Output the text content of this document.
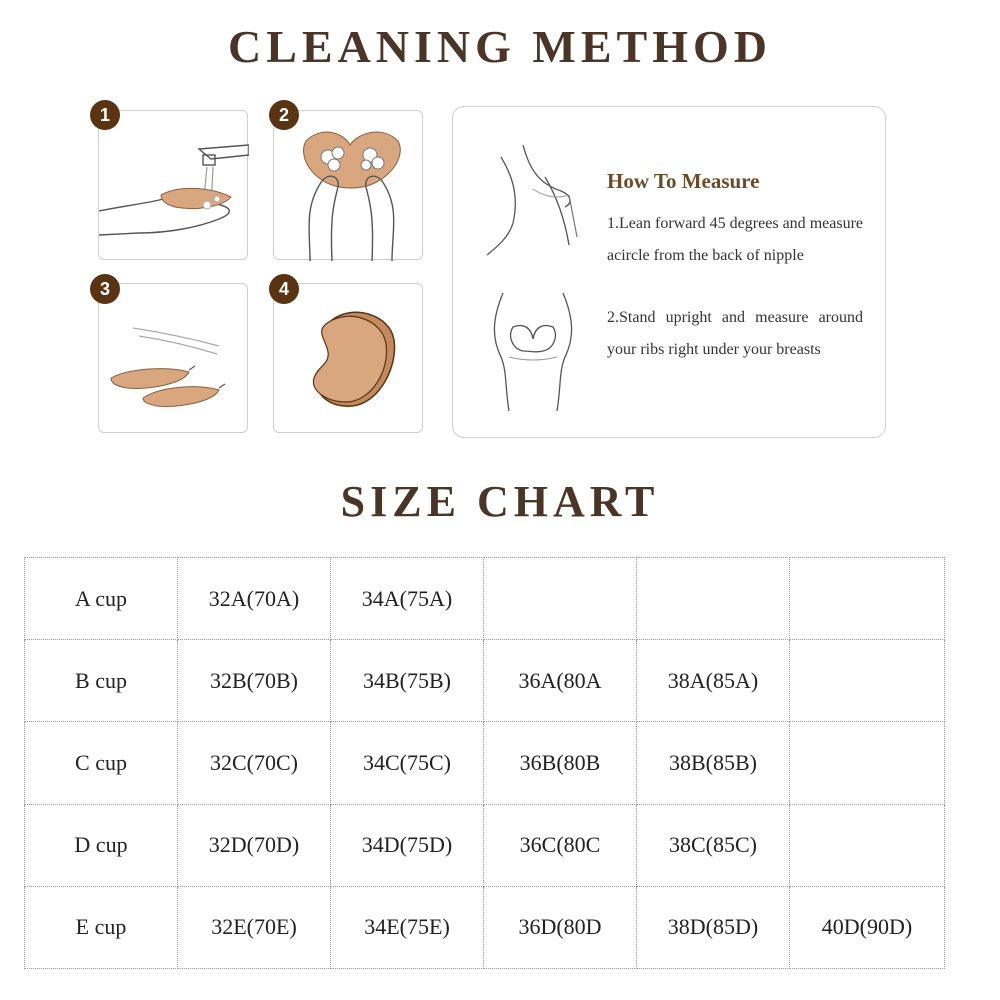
CLEANING METHOD
1	2
3	4

How To Measure

1.Lean forward 45 degrees and measure acircle from the back of nipple

2.Stand upright and measure around your ribs right under your breasts

SIZE CHART
A cup	32A(70A)	34A(75A)			
B cup	32B(70B)	34B(75B)	36A(80A	38A(85A)	
C cup	32C(70C)	34C(75C)	36B(80B	38B(85B)	
D cup	32D(70D)	34D(75D)	36C(80C	38C(85C)	
E cup	32E(70E)	34E(75E)	36D(80D	38D(85D)	40D(90D)
